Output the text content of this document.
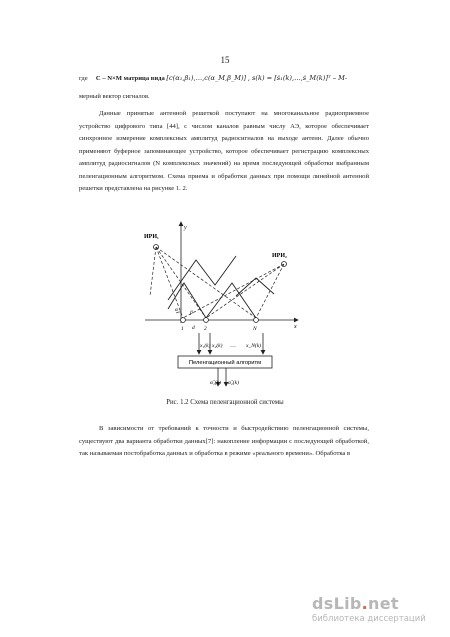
15
где C – N×M матрица вида [c(α₁,β₁),…,c(α_M,β_M)] , s(k) = [ṡ₁(k),…,ṡ_M(k)]ᵀ – M-
мерный вектор сигналов.
Данные принятые антенной решеткой поступают на многоканальное радиоприемное устройство цифрового типа [44], с числом каналов равным числу АЭ, которое обеспечивает синхронное измерение комплексных амплитуд радиосигналов на выходе антенн. Далее обычно применяют буферное запоминающее устройство, которое обеспечивает регистрацию комплексных амплитуд радиосигналов (N комплексных значений) на время последующей обработки выбранным пеленгационным алгоритмом. Схема приема и обработки данных при помощи линейной антенной решетки представлена на рисунке 1. 2.
x
y
ИРИ₁
ИРИ₂
α β
1 d 2	N
x₁(k) x₂(k) … x_N(k)
Пеленгационный алгоритм
α̂₁(k) α̂₂(k)
Рис. 1.2 Схема пеленгационной системы
В зависимости от требований к точности и быстродействию пеленгационной системы, существуют два варианта обработки данных[7]: накопление информации с последующей обработкой, так называемая постобработка данных и обработка в режиме «реального времени». Обработка в
dsLib.net
библиотека диссертаций
